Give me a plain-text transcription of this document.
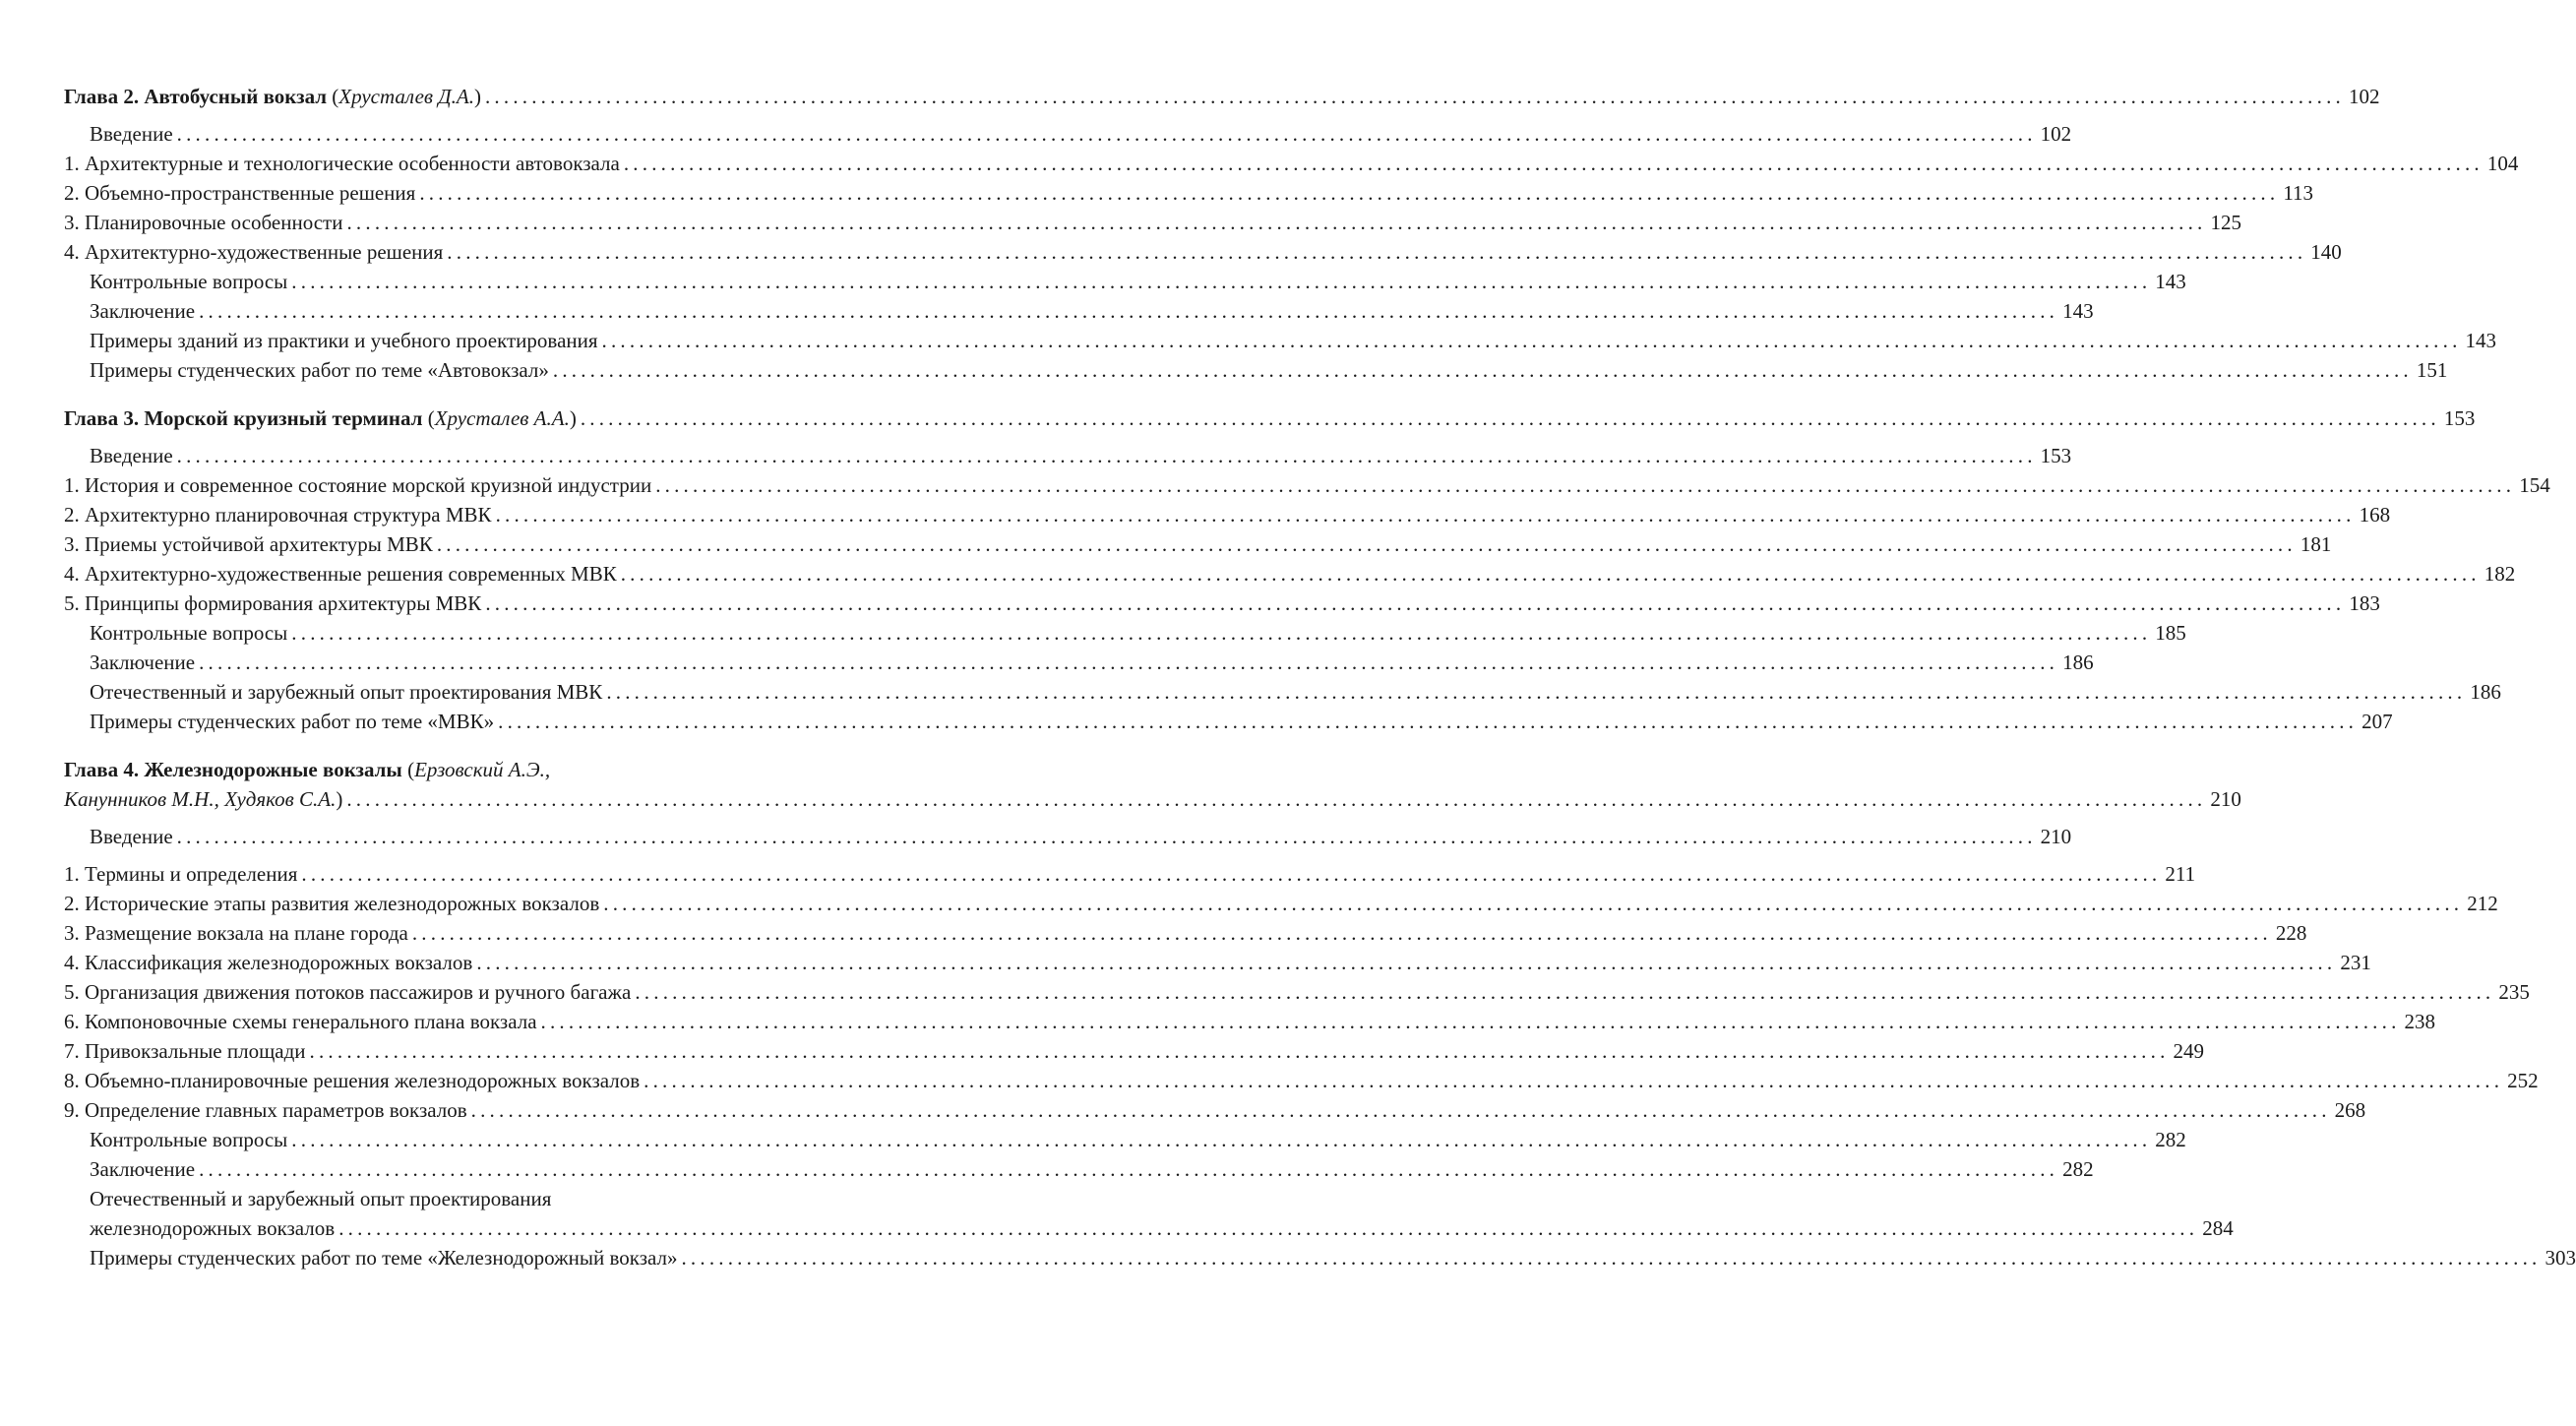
Глава 2. Автобусный вокзал (Хрусталев Д.А.) ........................................................................................................................................................................................................ 102
Введение ........................................................................................................................................................................................................ 102
1. Архитектурные и технологические особенности автовокзала ........................................................................................................................................................................................................ 104
2. Объемно-пространственные решения ........................................................................................................................................................................................................ 113
3. Планировочные особенности ........................................................................................................................................................................................................ 125
4. Архитектурно-художественные решения ........................................................................................................................................................................................................ 140
Контрольные вопросы ........................................................................................................................................................................................................ 143
Заключение ........................................................................................................................................................................................................ 143
Примеры зданий из практики и учебного проектирования ........................................................................................................................................................................................................ 143
Примеры студенческих работ по теме «Автовокзал» ........................................................................................................................................................................................................ 151
Глава 3. Морской круизный терминал (Хрусталев А.А.) ........................................................................................................................................................................................................ 153
Введение ........................................................................................................................................................................................................ 153
1. История и современное состояние морской круизной индустрии ........................................................................................................................................................................................................ 154
2. Архитектурно планировочная структура МВК ........................................................................................................................................................................................................ 168
3. Приемы устойчивой архитектуры МВК ........................................................................................................................................................................................................ 181
4. Архитектурно-художественные решения современных МВК ........................................................................................................................................................................................................ 182
5. Принципы формирования архитектуры МВК ........................................................................................................................................................................................................ 183
Контрольные вопросы ........................................................................................................................................................................................................ 185
Заключение ........................................................................................................................................................................................................ 186
Отечественный и зарубежный опыт проектирования МВК ........................................................................................................................................................................................................ 186
Примеры студенческих работ по теме «МВК» ........................................................................................................................................................................................................ 207
Глава 4. Железнодорожные вокзалы (Ерзовский А.Э.,
Канунников М.Н., Худяков С.А.) ........................................................................................................................................................................................................ 210
Введение ........................................................................................................................................................................................................ 210
1. Термины и определения ........................................................................................................................................................................................................ 211
2. Исторические этапы развития железнодорожных вокзалов ........................................................................................................................................................................................................ 212
3. Размещение вокзала на плане города ........................................................................................................................................................................................................ 228
4. Классификация железнодорожных вокзалов ........................................................................................................................................................................................................ 231
5. Организация движения потоков пассажиров и ручного багажа ........................................................................................................................................................................................................ 235
6. Компоновочные схемы генерального плана вокзала ........................................................................................................................................................................................................ 238
7. Привокзальные площади ........................................................................................................................................................................................................ 249
8. Объемно-планировочные решения железнодорожных вокзалов ........................................................................................................................................................................................................ 252
9. Определение главных параметров вокзалов ........................................................................................................................................................................................................ 268
Контрольные вопросы ........................................................................................................................................................................................................ 282
Заключение ........................................................................................................................................................................................................ 282
Отечественный и зарубежный опыт проектирования
железнодорожных вокзалов ........................................................................................................................................................................................................ 284
Примеры студенческих работ по теме «Железнодорожный вокзал» ........................................................................................................................................................................................................ 303
